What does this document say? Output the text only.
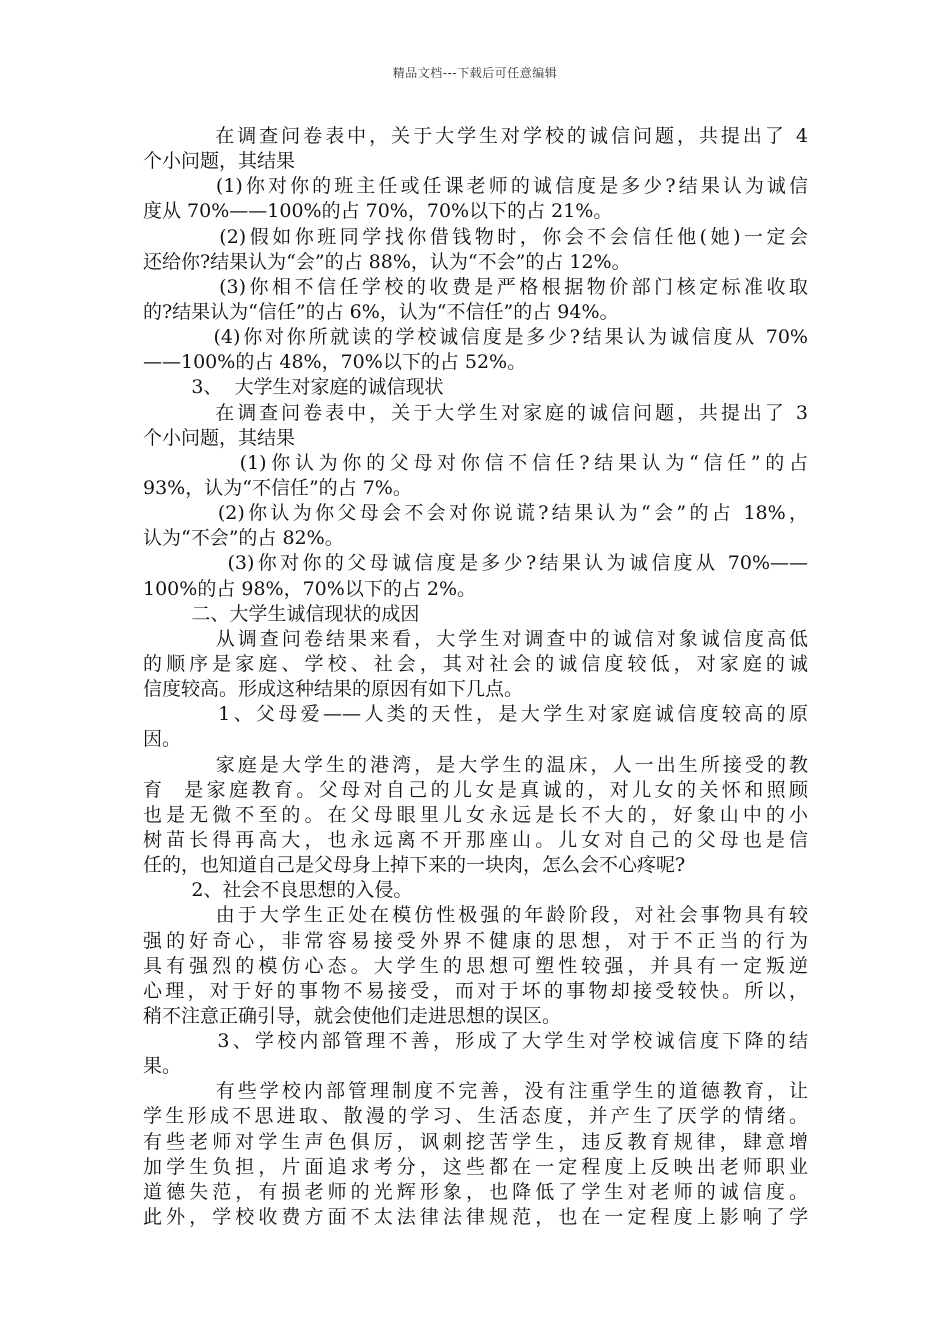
精品文档---下载后可任意编辑
在调查问卷表中，关于大学生对学校的诚信问题，共提出了 4
个小问题，其结果
(1)你对你的班主任或任课老师的诚信度是多少?结果认为诚信
度从 70%——100%的占 70%，70%以下的占 21%。
(2)假如你班同学找你借钱物时，你会不会信任他(她)一定会
还给你?结果认为“会”的占 88%，认为“不会”的占 12%。
(3)你相不信任学校的收费是严格根据物价部门核定标准收取
的?结果认为“信任”的占 6%，认为“不信任”的占 94%。
(4)你对你所就读的学校诚信度是多少?结果认为诚信度从 70%
——100%的占 48%，70%以下的占 52%。
3、  大学生对家庭的诚信现状
在调查问卷表中，关于大学生对家庭的诚信问题，共提出了 3
个小问题，其结果
(1)你认为你的父母对你信不信任?结果认为“信任”的占
93%，认为“不信任”的占 7%。
(2)你认为你父母会不会对你说谎?结果认为“会”的占 18%，
认为“不会”的占 82%。
(3)你对你的父母诚信度是多少?结果认为诚信度从 70%——
100%的占 98%，70%以下的占 2%。
二、大学生诚信现状的成因
从调查问卷结果来看，大学生对调查中的诚信对象诚信度高低
的顺序是家庭、学校、社会，其对社会的诚信度较低，对家庭的诚
信度较高。形成这种结果的原因有如下几点。
1、父母爱——人类的天性，是大学生对家庭诚信度较高的原
因。
家庭是大学生的港湾，是大学生的温床，人一出生所接受的教
育  是家庭教育。父母对自己的儿女是真诚的，对儿女的关怀和照顾
也是无微不至的。在父母眼里儿女永远是长不大的，好象山中的小
树苗长得再高大，也永远离不开那座山。儿女对自己的父母也是信
任的，也知道自己是父母身上掉下来的一块肉，怎么会不心疼呢?
2、社会不良思想的入侵。
由于大学生正处在模仿性极强的年龄阶段，对社会事物具有较
强的好奇心，非常容易接受外界不健康的思想，对于不正当的行为
具有强烈的模仿心态。大学生的思想可塑性较强，并具有一定叛逆
心理，对于好的事物不易接受，而对于坏的事物却接受较快。所以，
稍不注意正确引导，就会使他们走进思想的误区。
3、学校内部管理不善，形成了大学生对学校诚信度下降的结
果。
有些学校内部管理制度不完善，没有注重学生的道德教育，让
学生形成不思进取、散漫的学习、生活态度，并产生了厌学的情绪。
有些老师对学生声色俱厉，讽刺挖苦学生，违反教育规律，肆意增
加学生负担，片面追求考分，这些都在一定程度上反映出老师职业
道德失范，有损老师的光辉形象，也降低了学生对老师的诚信度。
此外，学校收费方面不太法律法律规范，也在一定程度上影响了学
